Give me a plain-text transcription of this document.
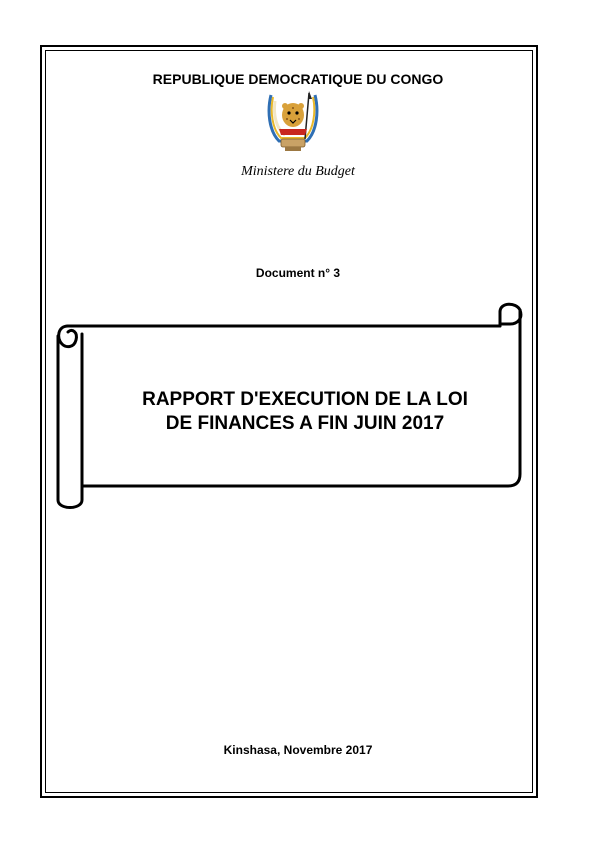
REPUBLIQUE DEMOCRATIQUE DU CONGO
Ministere du Budget
Document n° 3
RAPPORT D'EXECUTION DE LA LOI
DE FINANCES A FIN JUIN 2017
Kinshasa, Novembre 2017
